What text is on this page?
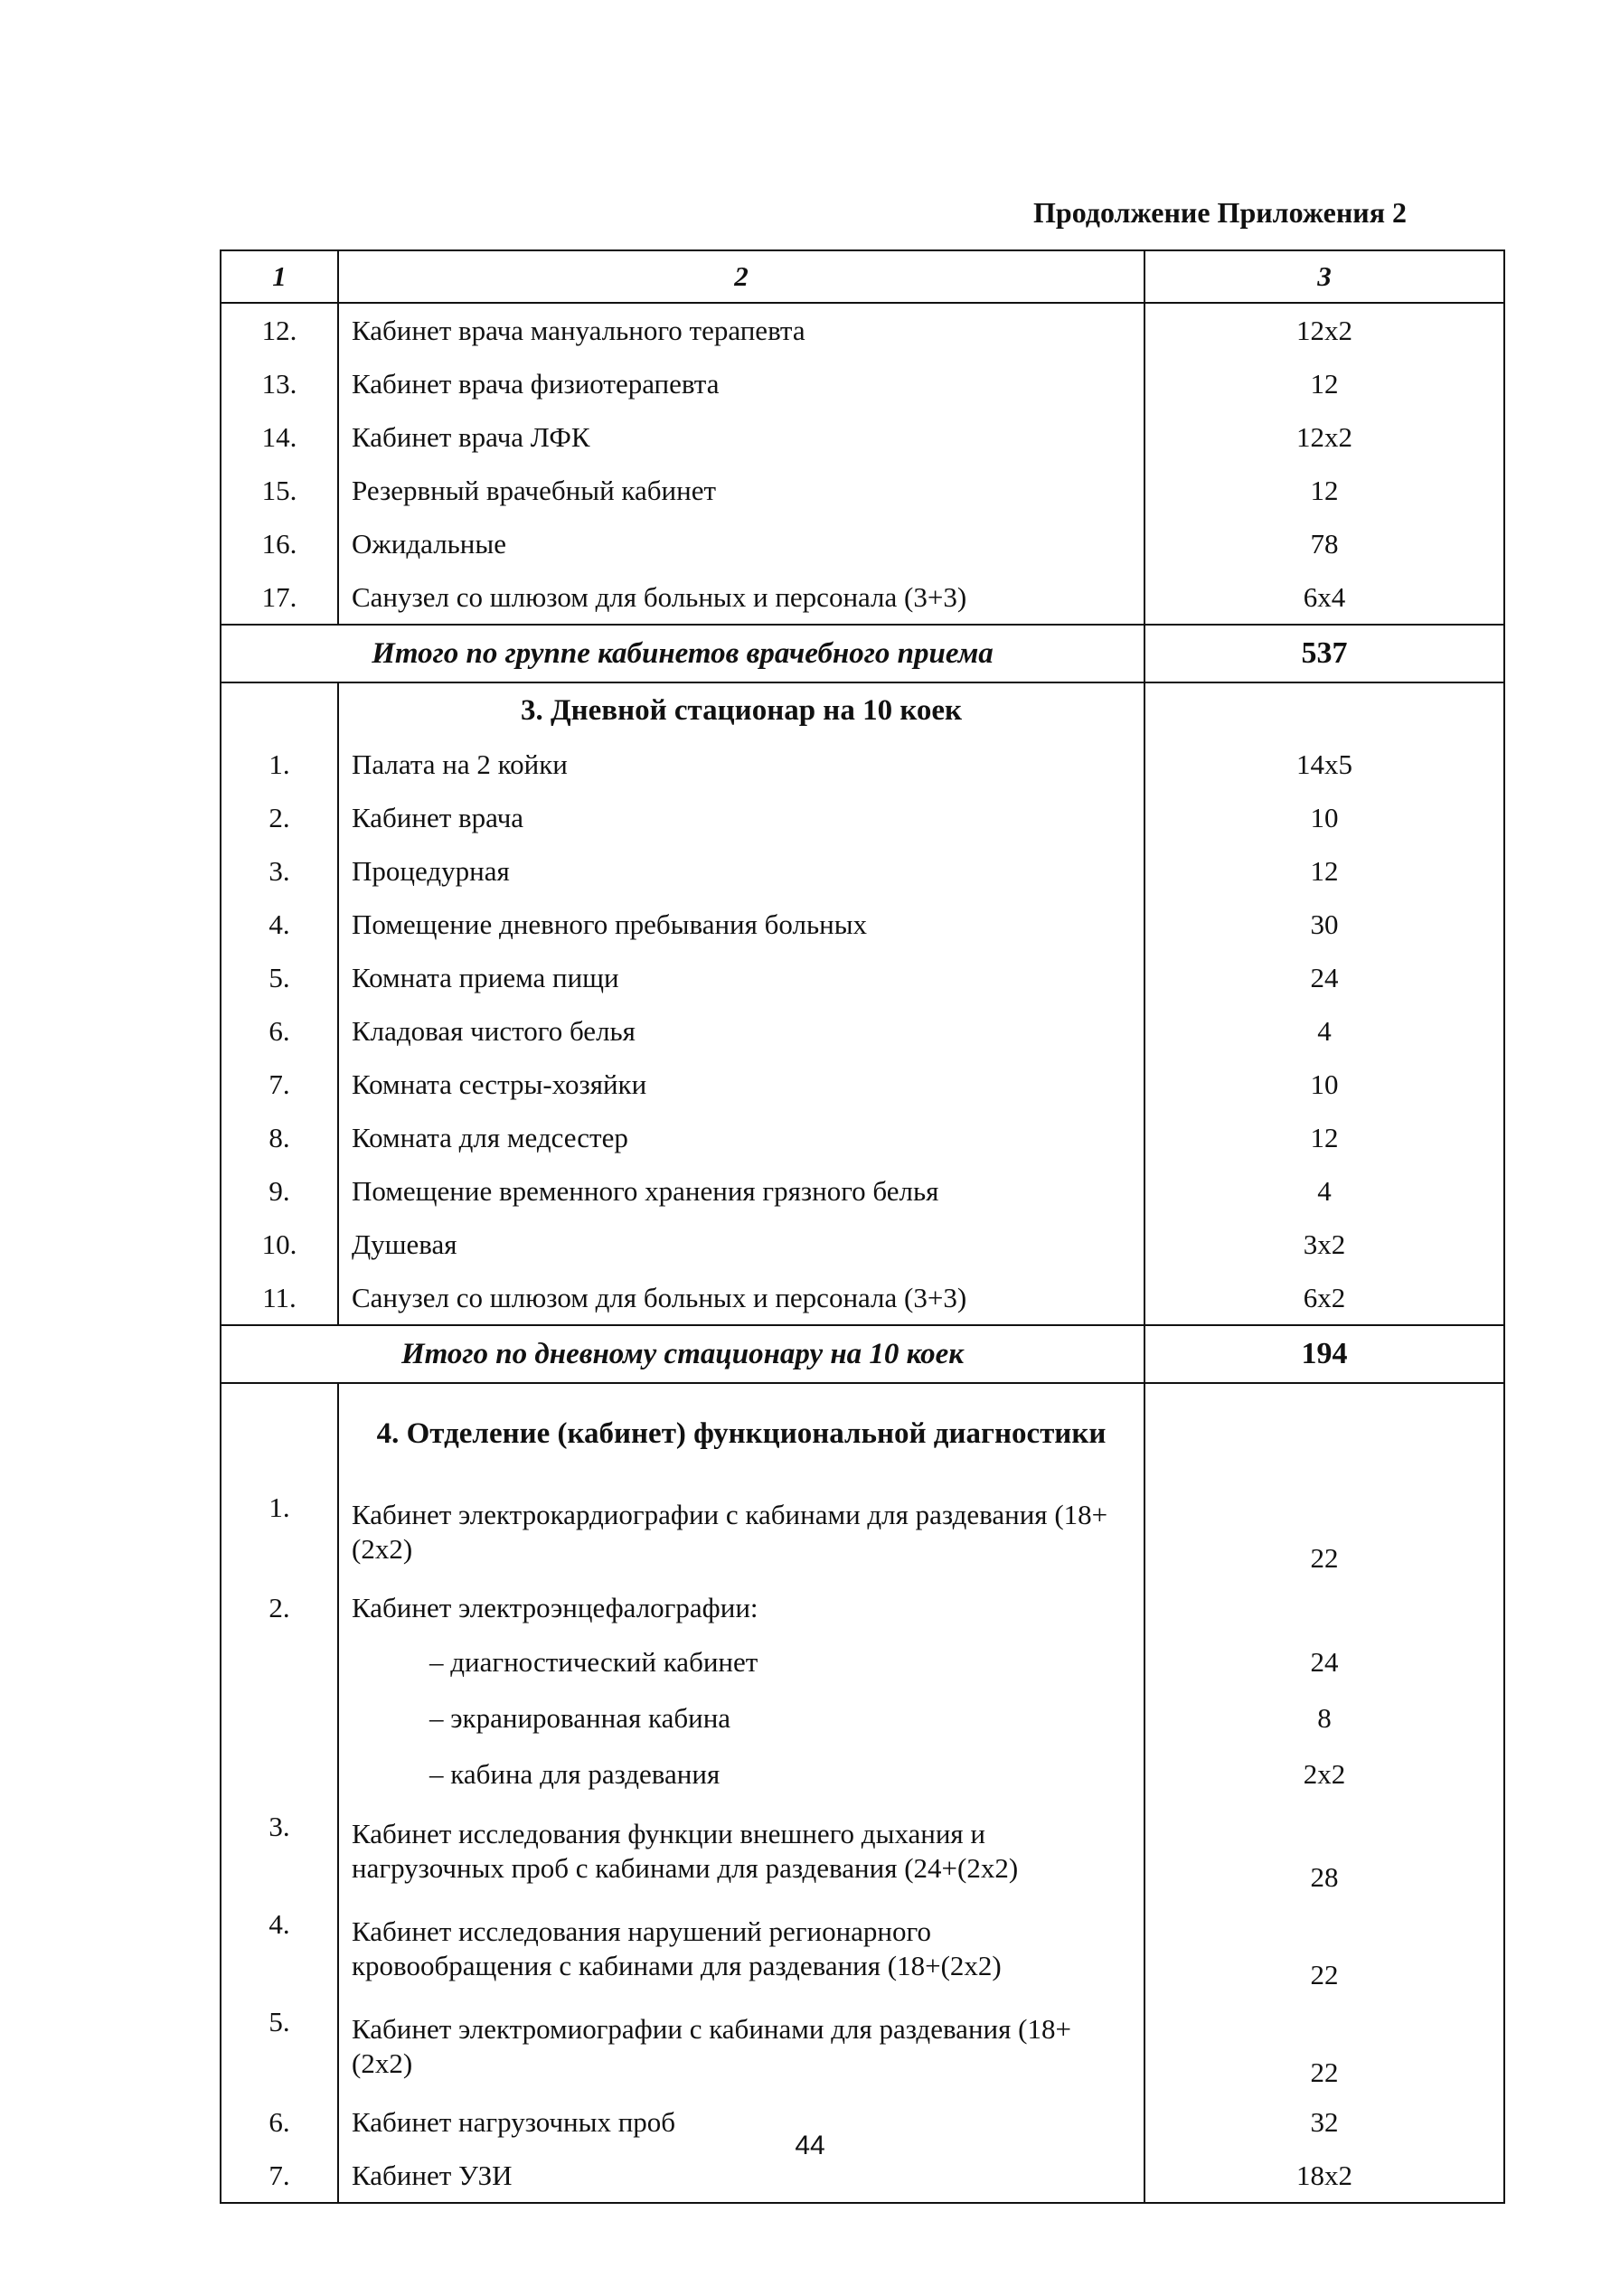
Продолжение Приложения 2
1	2	3
12.	Кабинет врача мануального терапевта	12x2
13.	Кабинет врача физиотерапевта	12
14.	Кабинет врача ЛФК	12x2
15.	Резервный врачебный кабинет	12
16.	Ожидальные	78
17.	Санузел со шлюзом для больных и персонала (3+3)	6x4
Итого по группе кабинетов врачебного приема		537
	3. Дневной стационар на 10 коек	
1.	Палата на 2 койки	14x5
2.	Кабинет врача	10
3.	Процедурная	12
4.	Помещение дневного пребывания больных	30
5.	Комната приема пищи	24
6.	Кладовая чистого белья	4
7.	Комната сестры-хозяйки	10
8.	Комната для медсестер	12
9.	Помещение временного хранения грязного белья	4
10.	Душевая	3x2
11.	Санузел со шлюзом для больных и персонала (3+3)	6x2
Итого по дневному стационару на 10 коек		194
	4. Отделение (кабинет) функциональной диагностики	
1.	Кабинет электрокардиографии с кабинами для раздевания (18+(2x2)	22
2.	Кабинет электроэнцефалографии:	
	– диагностический кабинет	24
	– экранированная кабина	8
	– кабина для раздевания	2x2
3.	Кабинет исследования функции внешнего дыхания и нагрузочных проб с кабинами для раздевания (24+(2x2)	28
4.	Кабинет исследования нарушений регионарного кровообращения с кабинами для раздевания (18+(2x2)	22
5.	Кабинет электромиографии с кабинами для раздевания (18+(2x2)	22
6.	Кабинет нагрузочных проб	32
7.	Кабинет УЗИ	18x2
44
